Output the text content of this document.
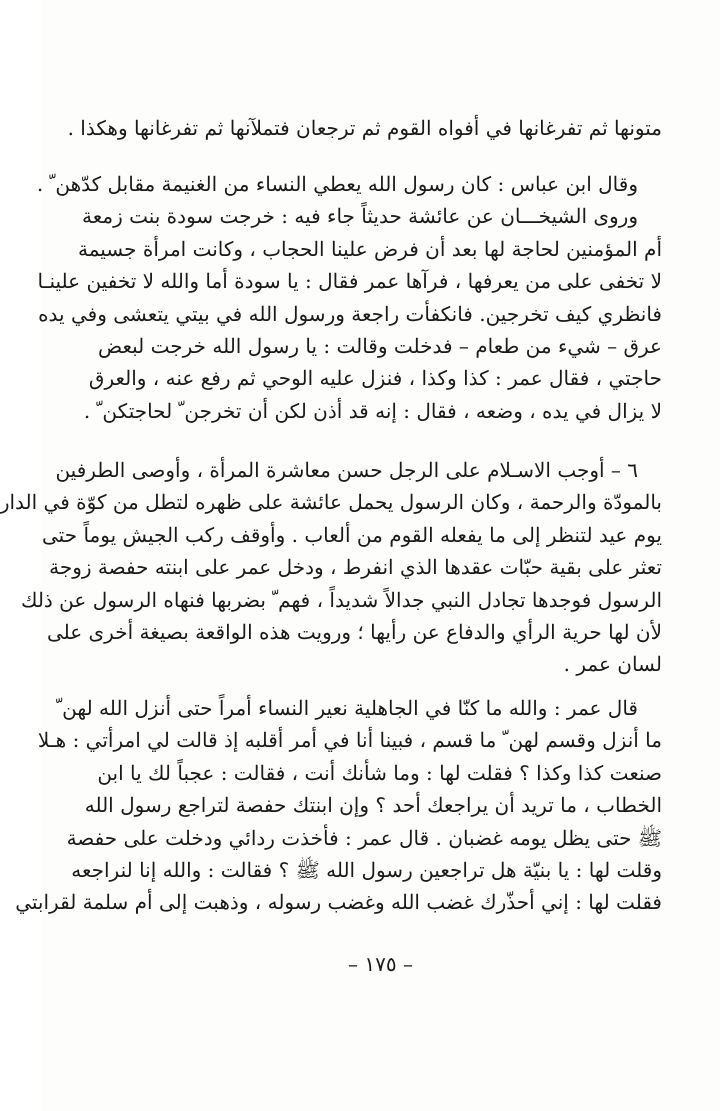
متونها ثم تفرغانها في أفواه القوم ثم ترجعان فتملآنها ثم تفرغانها وهكذا .
وقال ابن عباس : كان رسول الله يعطي النساء من الغنيمة مقابل كدّهن ّ .
وروى الشيخـــان عن عائشة حديثاً جاء فيه : خرجت سودة بنت زمعة
أم المؤمنين لحاجة لها بعد أن فرض علينا الحجاب ، وكانت امرأة جسيمة
لا تخفى على من يعرفها ، فرآها عمر فقال : يا سودة أما والله لا تخفين علينـا
فانظري كيف تخرجين. فانكفأت راجعة ورسول الله في بيتي يتعشى وفي يده
عرق – شيء من طعام – فدخلت وقالت : يا رسول الله خرجت لبعض
حاجتي ، فقال عمر : كذا وكذا ، فنزل عليه الوحي ثم رفع عنه ، والعرق
لا يزال في يده ، وضعه ، فقال : إنه قد أذن لكن أن تخرجن ّ لحاجتكن ّ .
٦ – أوجب الاسـلام على الرجل حسن معاشرة المرأة ، وأوصى الطرفين
بالمودّة والرحمة ، وكان الرسول يحمل عائشة على ظهره لتطل من كوّة في الدار
يوم عيد لتنظر إلى ما يفعله القوم من ألعاب . وأوقف ركب الجيش يوماً حتى
تعثر على بقية حبّات عقدها الذي انفرط ، ودخل عمر على ابنته حفصة زوجة
الرسول فوجدها تجادل النبي جدالاً شديداً ، فهم ّ بضربها فنهاه الرسول عن ذلك
لأن لها حرية الرأي والدفاع عن رأيها ؛ ورويت هذه الواقعة بصيغة أخرى على
لسان عمر .
قال عمر : والله ما كنّا في الجاهلية نعير النساء أمراً حتى أنزل الله لهن ّ
ما أنزل وقسم لهن ّ ما قسم ، فبينا أنا في أمر أقلبه إذ قالت لي امرأتي : هـلا
صنعت كذا وكذا ؟ فقلت لها : وما شأنك أنت ، فقالت : عجباً لك يا ابن
الخطاب ، ما تريد أن يراجعك أحد ؟ وإن ابنتك حفصة لتراجع رسول الله
ﷺ حتى يظل يومه غضبان . قال عمر : فأخذت ردائي ودخلت على حفصة
وقلت لها : يا بنيّة هل تراجعين رسول الله ﷺ ؟ فقالت : والله إنا لنراجعه
فقلت لها : إني أحذّرك غضب الله وغضب رسوله ، وذهبت إلى أم سلمة لقرابتي
– ١٧٥ –
